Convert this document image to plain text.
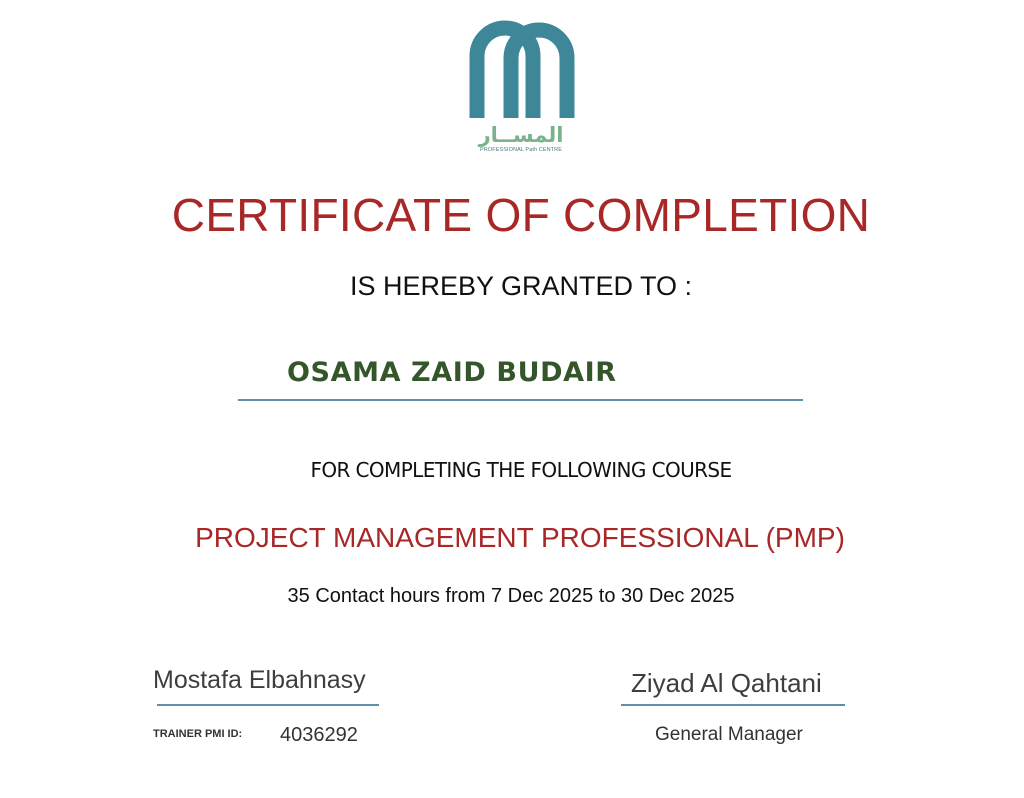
المســار
PROFESSIONAL Path CENTRE
CERTIFICATE OF COMPLETION
IS HEREBY GRANTED TO :
OSAMA ZAID BUDAIR
FOR COMPLETING THE FOLLOWING COURSE
PROJECT MANAGEMENT PROFESSIONAL (PMP)
35 Contact hours from 7 Dec 2025 to 30 Dec 2025
Mostafa Elbahnasy
TRAINER PMI ID: 4036292
Ziyad Al Qahtani
General Manager
